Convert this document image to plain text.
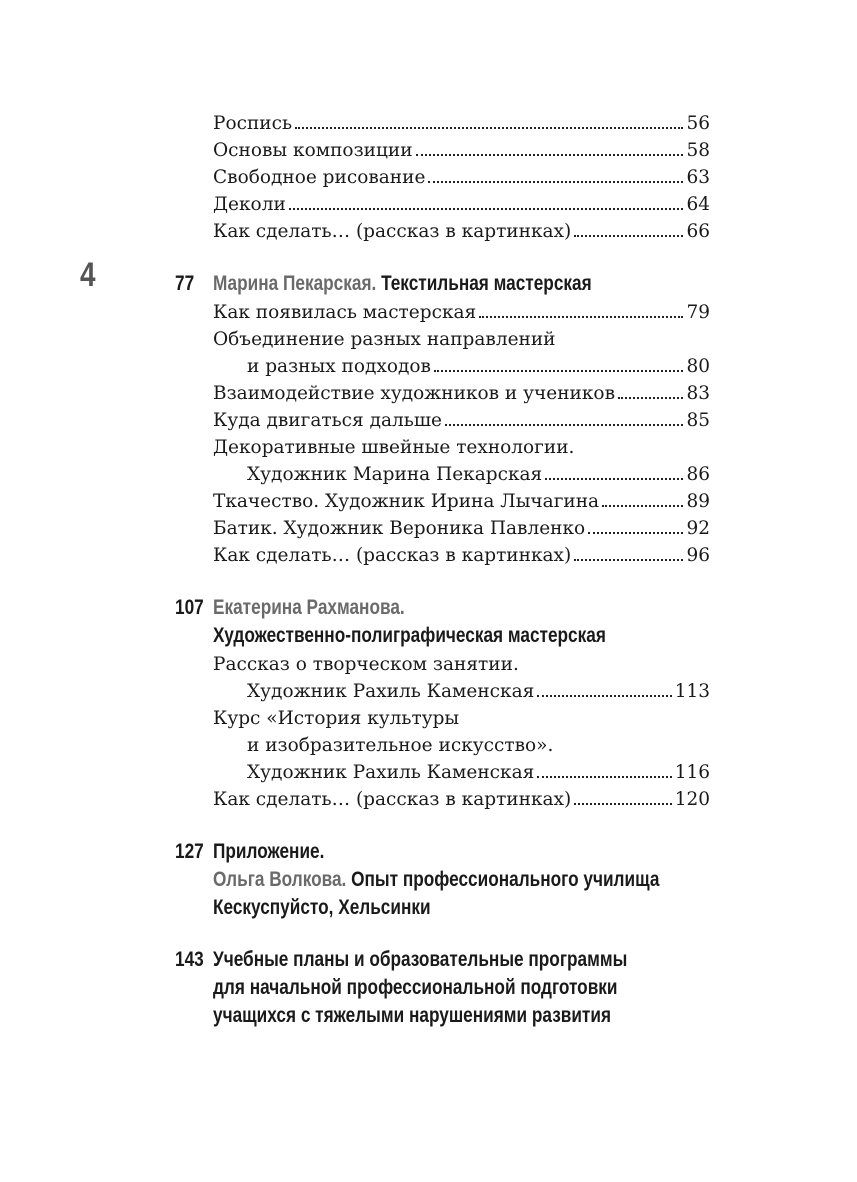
4
Роспись	56
Основы композиции	58
Свободное рисование	63
Деколи	64
Как сделать… (рассказ в картинках)	66
77 Марина Пекарская. Текстильная мастерская
Как появилась мастерская	79
Объединение разных направлений
и разных подходов	80
Взаимодействие художников и учеников	83
Куда двигаться дальше	85
Декоративные швейные технологии.
Художник Марина Пекарская	86
Ткачество. Художник Ирина Лычагина	89
Батик. Художник Вероника Павленко	92
Как сделать… (рассказ в картинках)	96
107 Екатерина Рахманова.
Художественно-полиграфическая мастерская
Рассказ о творческом занятии.
Художник Рахиль Каменская	113
Курс «История культуры
и изобразительное искусство».
Художник Рахиль Каменская	116
Как сделать… (рассказ в картинках)	120
127 Приложение.
Ольга Волкова. Опыт профессионального училища
Кескуспуйсто, Хельсинки
143 Учебные планы и образовательные программы
для начальной профессиональной подготовки
учащихся с тяжелыми нарушениями развития
